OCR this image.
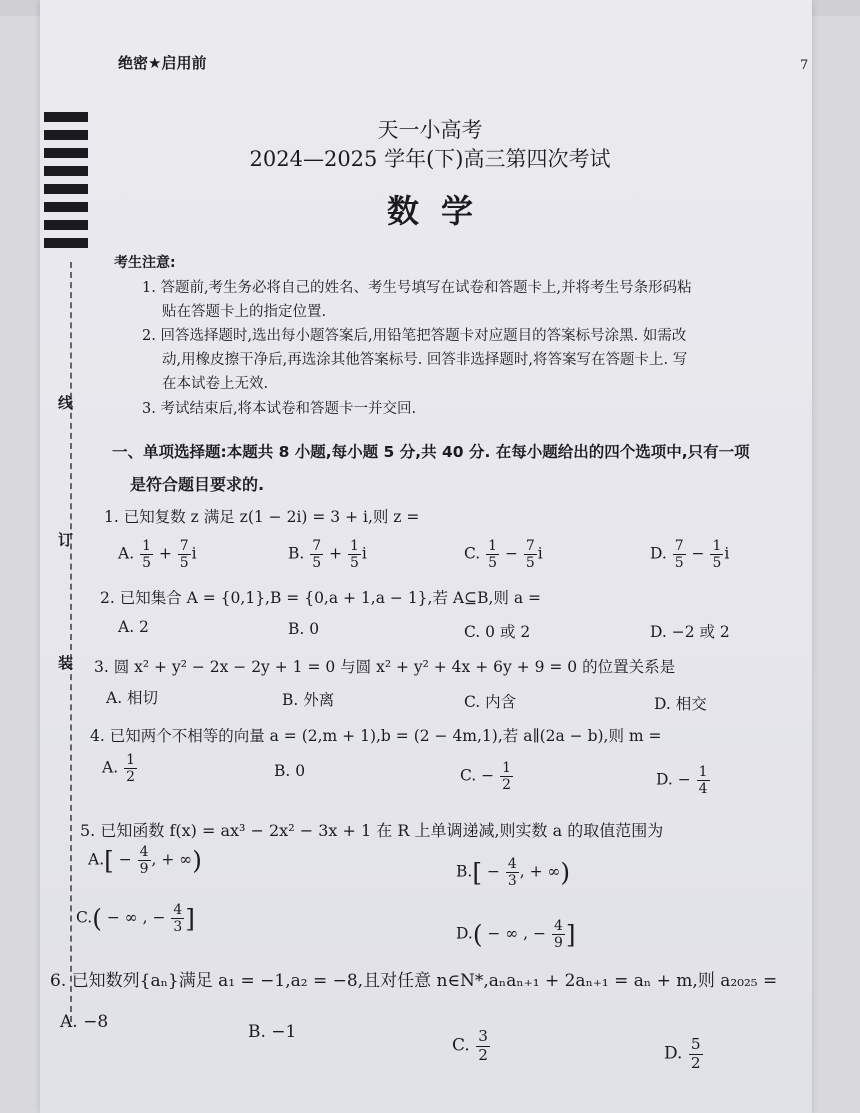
线
订
装
绝密★启用前	7
天一小高考
2024—2025 学年(下)高三第四次考试
数学
考生注意:
1. 答题前,考生务必将自己的姓名、考生号填写在试卷和答题卡上,并将考生号条形码粘
贴在答题卡上的指定位置.
2. 回答选择题时,选出每小题答案后,用铅笔把答题卡对应题目的答案标号涂黑. 如需改
动,用橡皮擦干净后,再选涂其他答案标号. 回答非选择题时,将答案写在答题卡上. 写
在本试卷上无效.
3. 考试结束后,将本试卷和答题卡一并交回.
一、单项选择题:本题共 8 小题,每小题 5 分,共 40 分. 在每小题给出的四个选项中,只有一项
是符合题目要求的.
1. 已知复数 z 满足 z(1 − 2i) = 3 + i,则 z =
A. $\frac{1}{5} + \frac{7}{5}$ i	B. $\frac{7}{5} + \frac{1}{5}$ i	C. $\frac{1}{5} - \frac{7}{5}$ i	D. $\frac{7}{5} - \frac{1}{5}$ i
2. 已知集合 A = {0,1},B = {0,a + 1,a − 1},若 A⊆B,则 a =
A. 2	B. 0	C. 0 或 2	D. −2 或 2
3. 圆 x² + y² − 2x − 2y + 1 = 0 与圆 x² + y² + 4x + 6y + 9 = 0 的位置关系是
A. 相切	B. 外离	C. 内含	D. 相交
4. 已知两个不相等的向量 a = (2,m + 1),b = (2 − 4m,1),若 a∥(2a − b),则 m =
A. $\frac{1}{2}$	B. 0	C. − $\frac{1}{2}$	D. − $\frac{1}{4}$
5. 已知函数 f(x) = ax³ − 2x² − 3x + 1 在 R 上单调递减,则实数 a 的取值范围为
$A.[ - \frac{4}{9}$ , + ∞)	$B.[ - \frac{4}{3}$ , + ∞)
C.( − ∞ , − $\frac{4}{3}$ ]
D.( − ∞ , − $\frac{4}{9}$ ]
6. 已知数列{aₙ}满足 a₁ = −1,a₂ = −8,且对任意 n∈N*,aₙaₙ₊₁ + 2aₙ₊₁ = aₙ + m,则 a₂₀₂₅ =
A. −8	B. −1
C. $\frac{3}{2}$	D. $\frac{5}{2}$
